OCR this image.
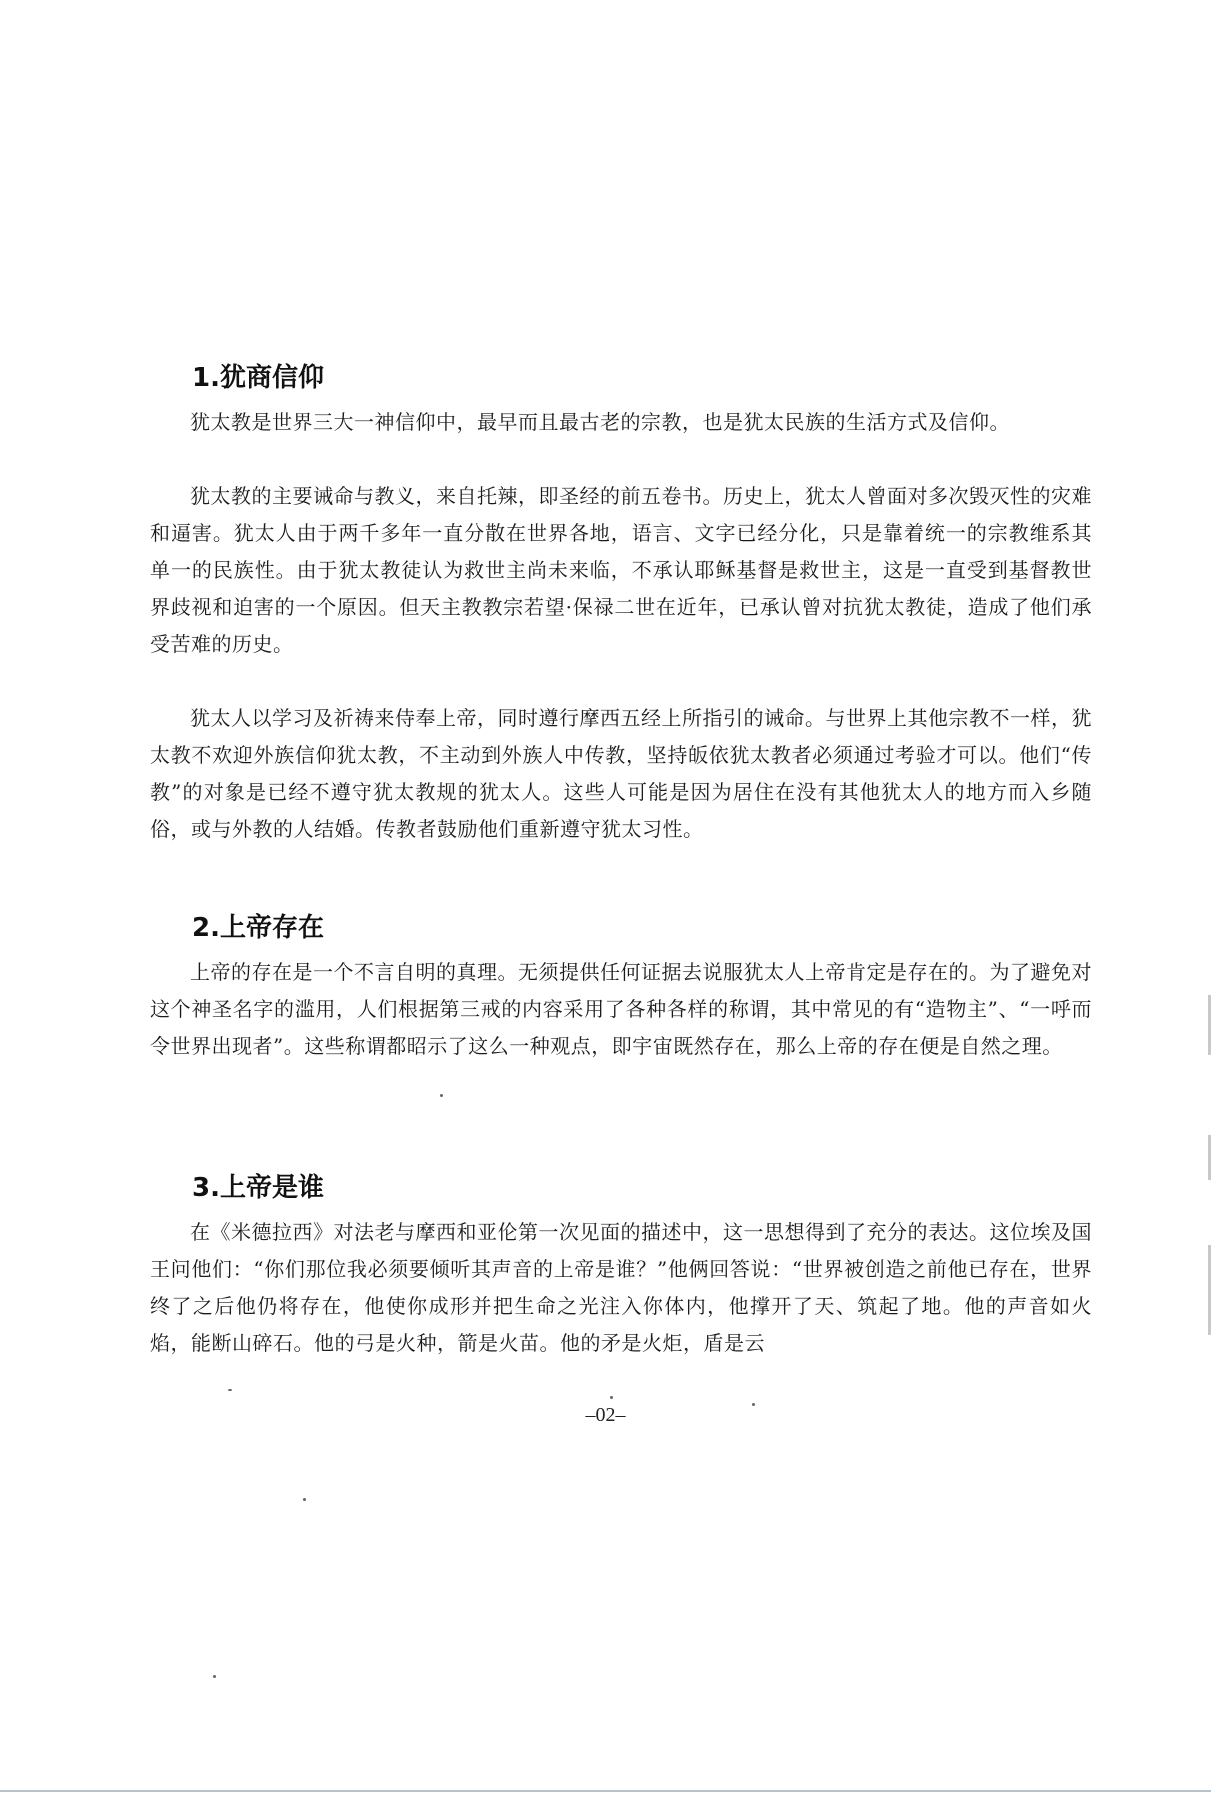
1.犹商信仰

犹太教是世界三大一神信仰中，最早而且最古老的宗教，也是犹太民族的生活方式及信仰。

犹太教的主要诫命与教义，来自托辣，即圣经的前五卷书。历史上，犹太人曾面对多次毁灭性的灾难和逼害。犹太人由于两千多年一直分散在世界各地，语言、文字已经分化，只是靠着统一的宗教维系其单一的民族性。由于犹太教徒认为救世主尚未来临，不承认耶稣基督是救世主，这是一直受到基督教世界歧视和迫害的一个原因。但天主教教宗若望·保禄二世在近年，已承认曾对抗犹太教徒，造成了他们承受苦难的历史。

犹太人以学习及祈祷来侍奉上帝，同时遵行摩西五经上所指引的诫命。与世界上其他宗教不一样，犹太教不欢迎外族信仰犹太教，不主动到外族人中传教，坚持皈依犹太教者必须通过考验才可以。他们“传教”的对象是已经不遵守犹太教规的犹太人。这些人可能是因为居住在没有其他犹太人的地方而入乡随俗，或与外教的人结婚。传教者鼓励他们重新遵守犹太习性。

2.上帝存在

上帝的存在是一个不言自明的真理。无须提供任何证据去说服犹太人上帝肯定是存在的。为了避免对这个神圣名字的滥用，人们根据第三戒的内容采用了各种各样的称谓，其中常见的有“造物主”、“一呼而令世界出现者”。这些称谓都昭示了这么一种观点，即宇宙既然存在，那么上帝的存在便是自然之理。

3.上帝是谁

在《米德拉西》对法老与摩西和亚伦第一次见面的描述中，这一思想得到了充分的表达。这位埃及国王问他们：“你们那位我必须要倾听其声音的上帝是谁？”他俩回答说：“世界被创造之前他已存在，世界终了之后他仍将存在，他使你成形并把生命之光注入你体内，他撑开了天、筑起了地。他的声音如火焰，能断山碎石。他的弓是火种，箭是火苗。他的矛是火炬，盾是云

–02–
